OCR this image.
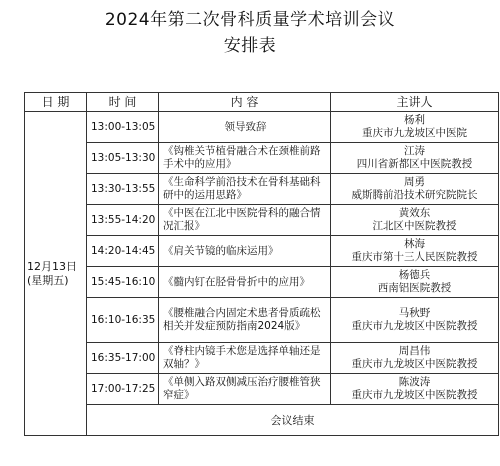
2024年第二次骨科质量学术培训会议
安排表
日 期	时 间	内 容	主讲人
12月13日(星期五)	13:00-13:05	领导致辞	杨利
重庆市九龙坡区中医院

	13:05-13:30	《钩椎关节植骨融合术在颈椎前路手术中的应用》	江涛
四川省新都区中医院教授

	13:30-13:55	《生命科学前沿技术在骨科基础科研中的运用思路》	周勇
威斯腾前沿技术研究院院长

	13:55-14:20	《中医在江北中医院骨科的融合情况汇报》	黄效东
江北区中医院教授

	14:20-14:45	《肩关节镜的临床运用》	林海
重庆市第十三人民医院教授

	15:45-16:10	《髓内钉在胫骨骨折中的应用》	杨德兵
西南铝医院教授

	16:10-16:35	《腰椎融合内固定术患者骨质疏松相关并发症预防指南2024版》	马秋野
重庆市九龙坡区中医院教授

	16:35-17:00	《脊柱内镜手术您是选择单轴还是双轴？》	周昌伟
重庆市九龙坡区中医院教授

	17:00-17:25	《单侧入路双侧减压治疗腰椎管狭窄症》	陈波涛
重庆市九龙坡区中医院教授

	会议结束		
